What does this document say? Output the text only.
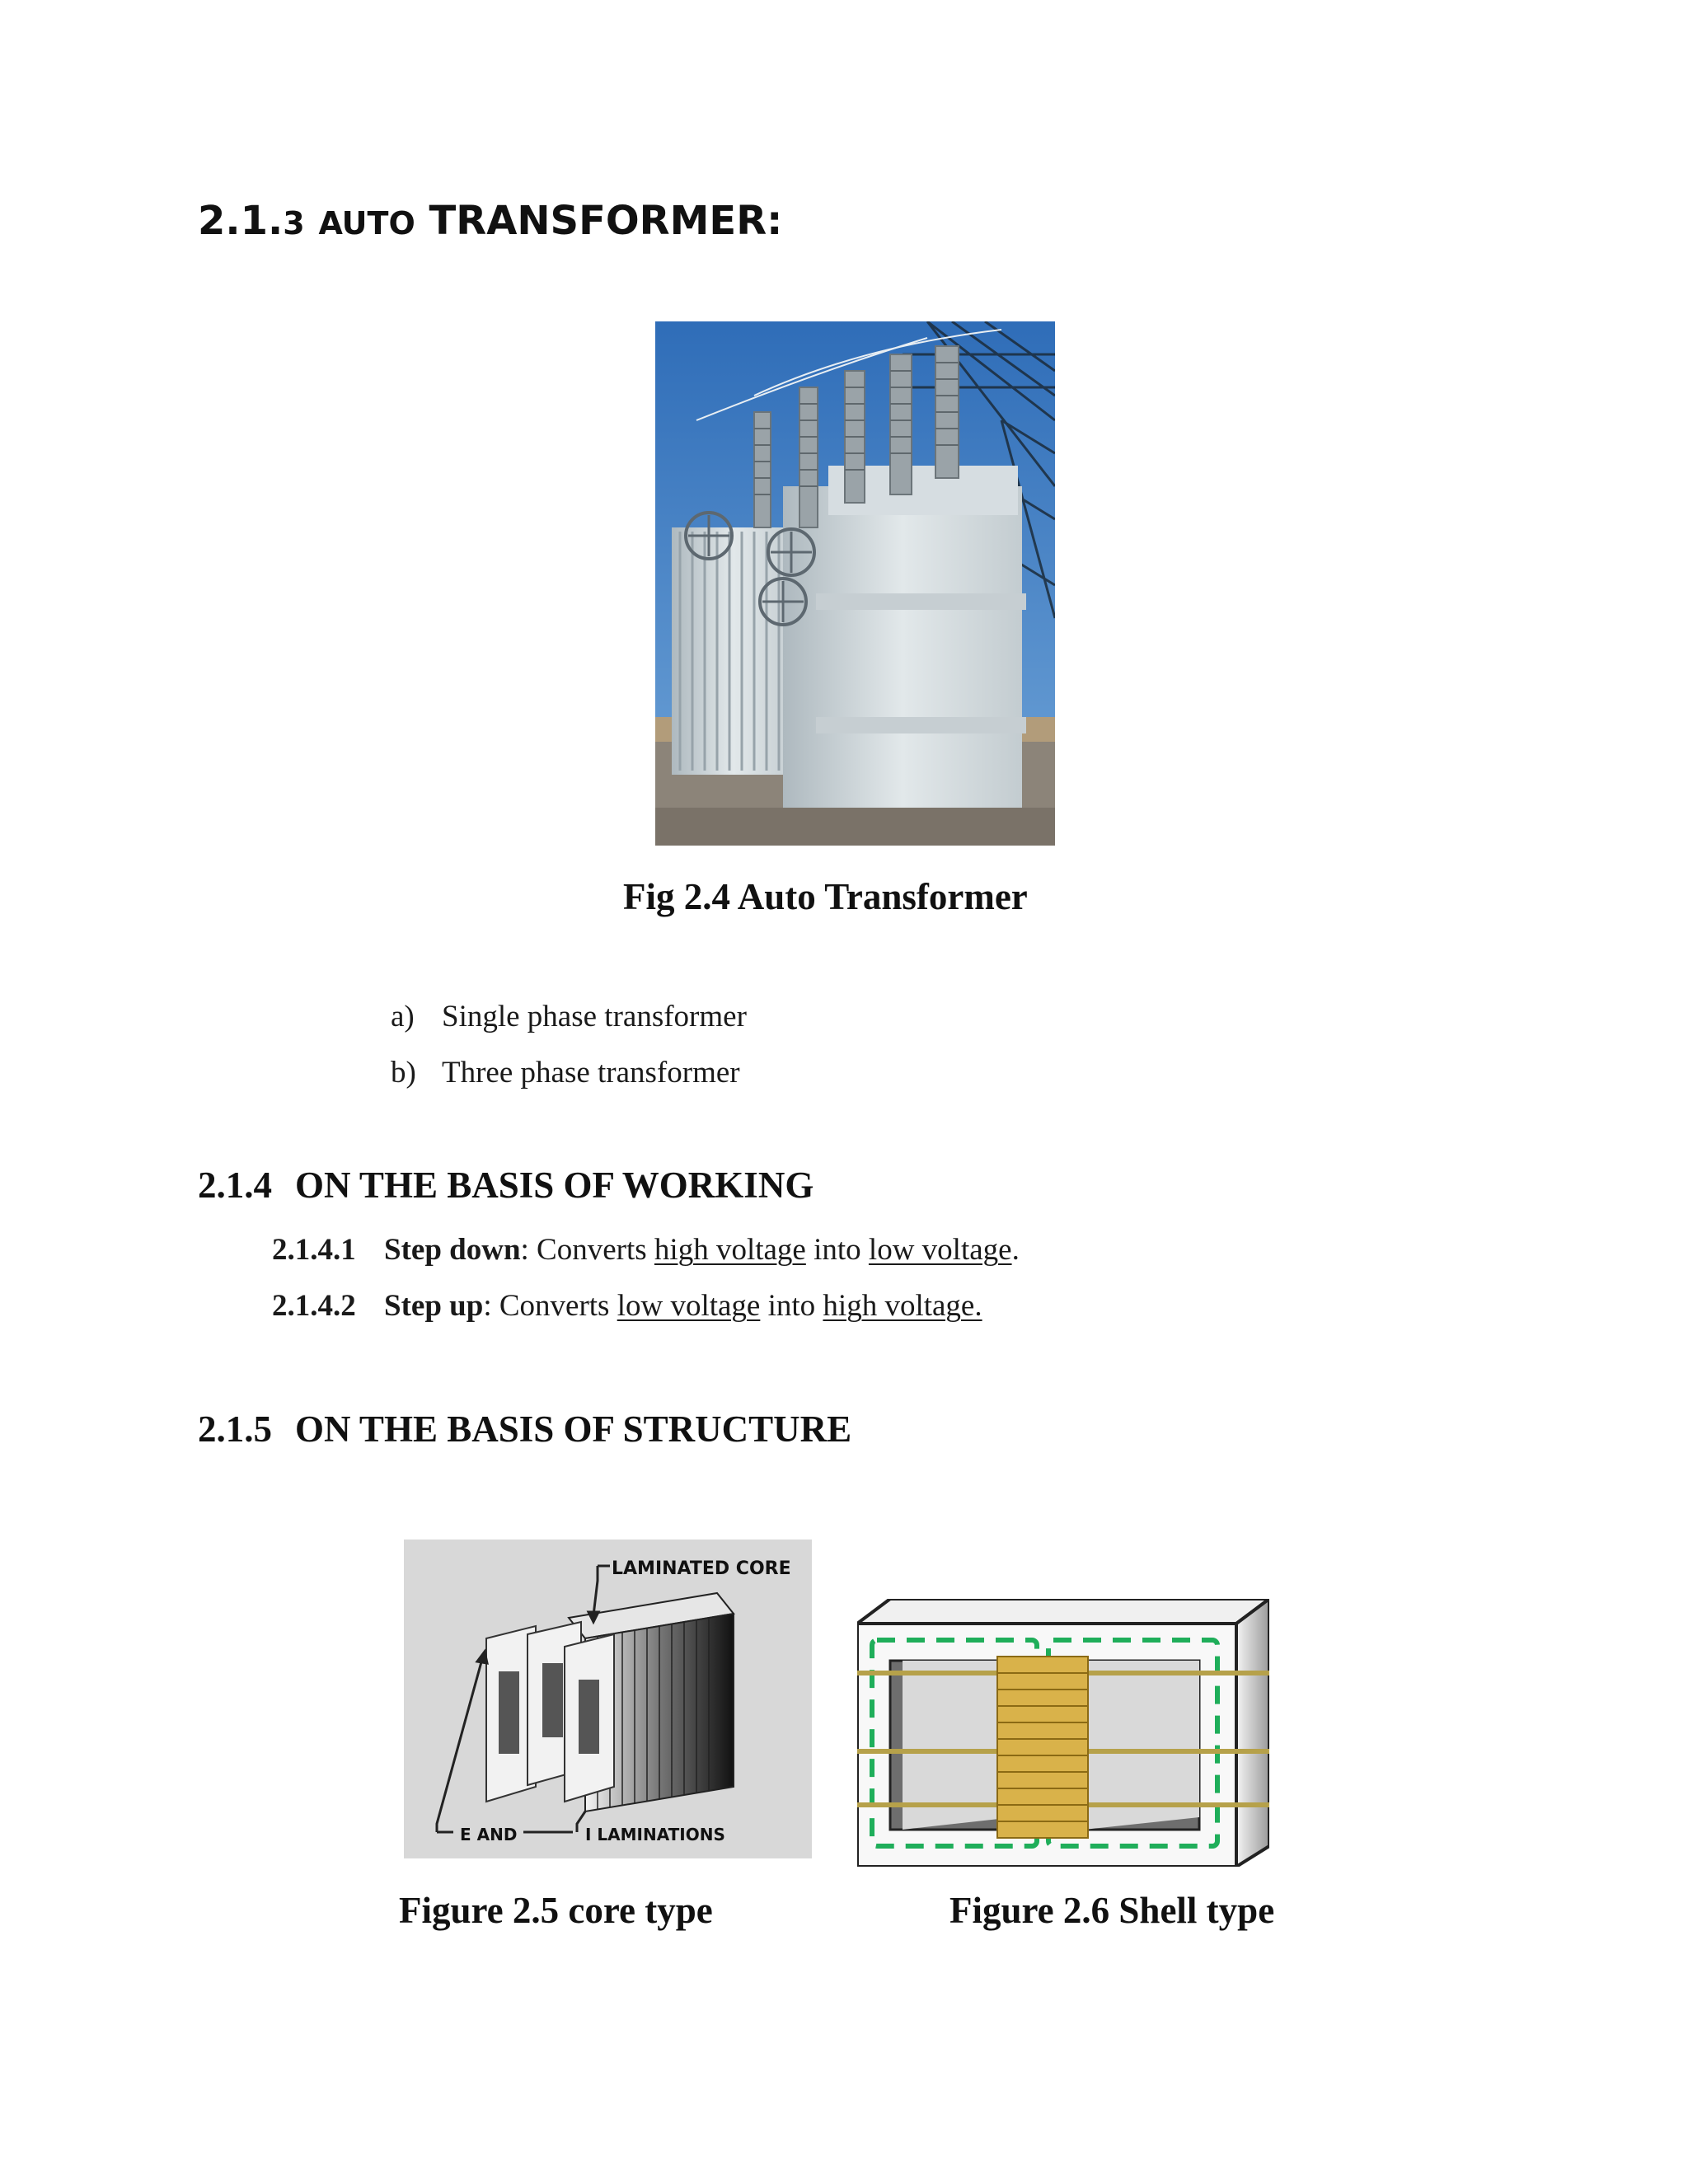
2.1.3 AUTO TRANSFORMER:
Fig 2.4 Auto Transformer
a) Single phase transformer
b) Three phase transformer
2.1.4 ON THE BASIS OF WORKING
2.1.4.1 Step down: Converts high voltage into low voltage.
2.1.4.2 Step up: Converts low voltage into high voltage.
2.1.5 ON THE BASIS OF STRUCTURE
LAMINATED CORE
E AND	I LAMINATIONS
Figure 2.5 core type	Figure 2.6 Shell type
